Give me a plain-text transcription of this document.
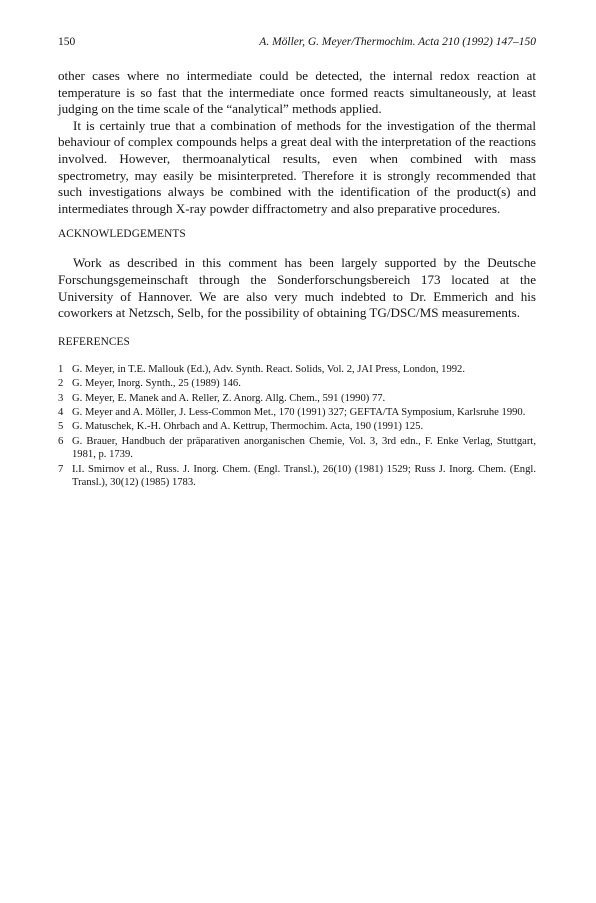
150	A. Möller, G. Meyer/Thermochim. Acta 210 (1992) 147–150

other cases where no intermediate could be detected, the internal redox reaction at temperature is so fast that the intermediate once formed reacts simultaneously, at least judging on the time scale of the “analytical” methods applied.

It is certainly true that a combination of methods for the investigation of the thermal behaviour of complex compounds helps a great deal with the interpretation of the reactions involved. However, thermoanalytical results, even when combined with mass spectrometry, may easily be misinterpreted. Therefore it is strongly recommended that such investigations always be combined with the identification of the product(s) and intermediates through X-ray powder diffractometry and also preparative procedures.

ACKNOWLEDGEMENTS

Work as described in this comment has been largely supported by the Deutsche Forschungsgemeinschaft through the Sonderforschungsbereich 173 located at the University of Hannover. We are also very much indebted to Dr. Emmerich and his coworkers at Netzsch, Selb, for the possibility of obtaining TG/DSC/MS measurements.

REFERENCES
1 G. Meyer, in T.E. Mallouk (Ed.), Adv. Synth. React. Solids, Vol. 2, JAI Press, London, 1992.
2 G. Meyer, Inorg. Synth., 25 (1989) 146.
3 G. Meyer, E. Manek and A. Reller, Z. Anorg. Allg. Chem., 591 (1990) 77.
4 G. Meyer and A. Möller, J. Less-Common Met., 170 (1991) 327; GEFTA/TA Symposium, Karlsruhe 1990.
5 G. Matuschek, K.-H. Ohrbach and A. Kettrup, Thermochim. Acta, 190 (1991) 125.
6 G. Brauer, Handbuch der präparativen anorganischen Chemie, Vol. 3, 3rd edn., F. Enke Verlag, Stuttgart, 1981, p. 1739.
7 I.I. Smirnov et al., Russ. J. Inorg. Chem. (Engl. Transl.), 26(10) (1981) 1529; Russ J. Inorg. Chem. (Engl. Transl.), 30(12) (1985) 1783.
